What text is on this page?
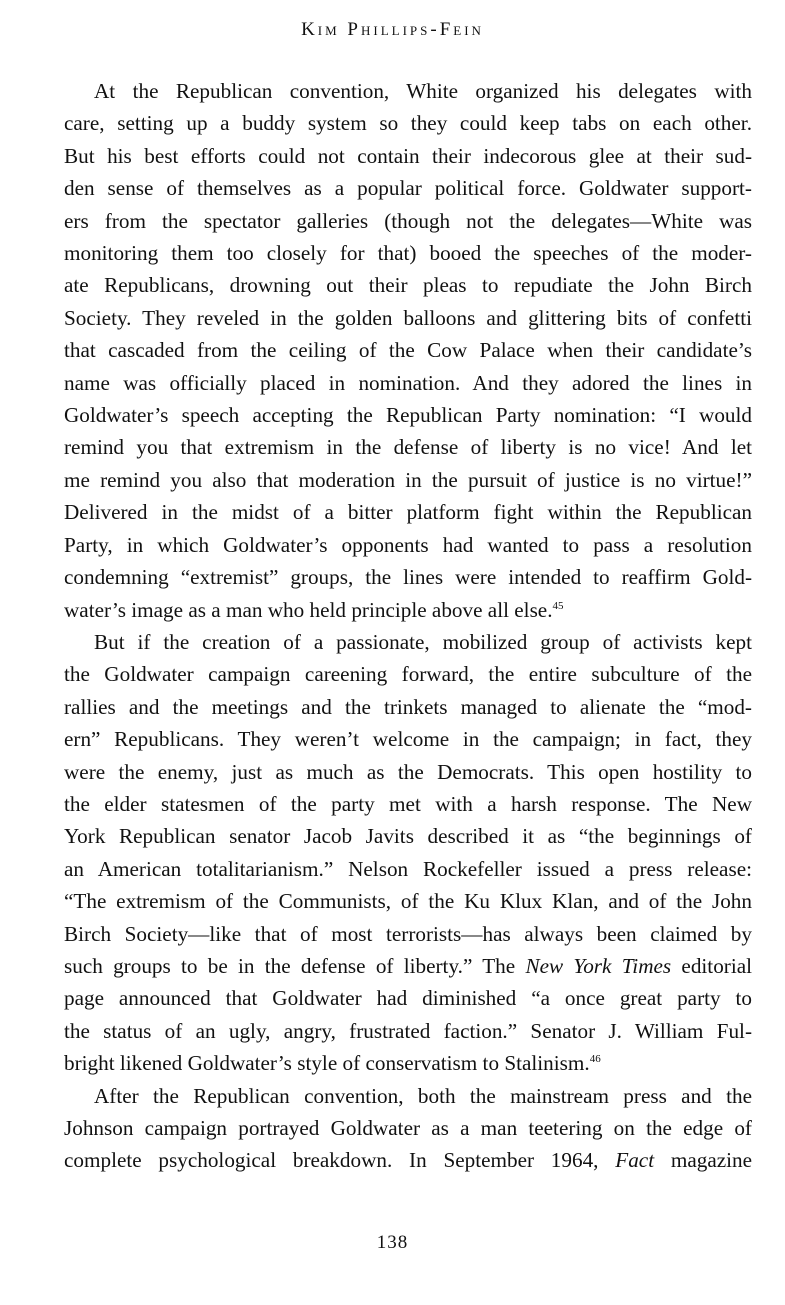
Kim Phillips-Fein
At the Republican convention, White organized his delegates with
care, setting up a buddy system so they could keep tabs on each other.
But his best efforts could not contain their indecorous glee at their sud-
den sense of themselves as a popular political force. Goldwater support-
ers from the spectator galleries (though not the delegates—White was
monitoring them too closely for that) booed the speeches of the moder-
ate Republicans, drowning out their pleas to repudiate the John Birch
Society. They reveled in the golden balloons and glittering bits of confetti
that cascaded from the ceiling of the Cow Palace when their candidate’s
name was officially placed in nomination. And they adored the lines in
Goldwater’s speech accepting the Republican Party nomination: “I would
remind you that extremism in the defense of liberty is no vice! And let
me remind you also that moderation in the pursuit of justice is no virtue!”
Delivered in the midst of a bitter platform fight within the Republican
Party, in which Goldwater’s opponents had wanted to pass a resolution
condemning “extremist” groups, the lines were intended to reaffirm Gold-
water’s image as a man who held principle above all else.$^{45}$
But if the creation of a passionate, mobilized group of activists kept
the Goldwater campaign careening forward, the entire subculture of the
rallies and the meetings and the trinkets managed to alienate the “mod-
ern” Republicans. They weren’t welcome in the campaign; in fact, they
were the enemy, just as much as the Democrats. This open hostility to
the elder statesmen of the party met with a harsh response. The New
York Republican senator Jacob Javits described it as “the beginnings of
an American totalitarianism.” Nelson Rockefeller issued a press release:
“The extremism of the Communists, of the Ku Klux Klan, and of the John
Birch Society—like that of most terrorists—has always been claimed by
such groups to be in the defense of liberty.” The New York Times editorial
page announced that Goldwater had diminished “a once great party to
the status of an ugly, angry, frustrated faction.” Senator J. William Ful-
bright likened Goldwater’s style of conservatism to Stalinism.$^{46}$
After the Republican convention, both the mainstream press and the
Johnson campaign portrayed Goldwater as a man teetering on the edge of
complete psychological breakdown. In September 1964, Fact magazine
138
